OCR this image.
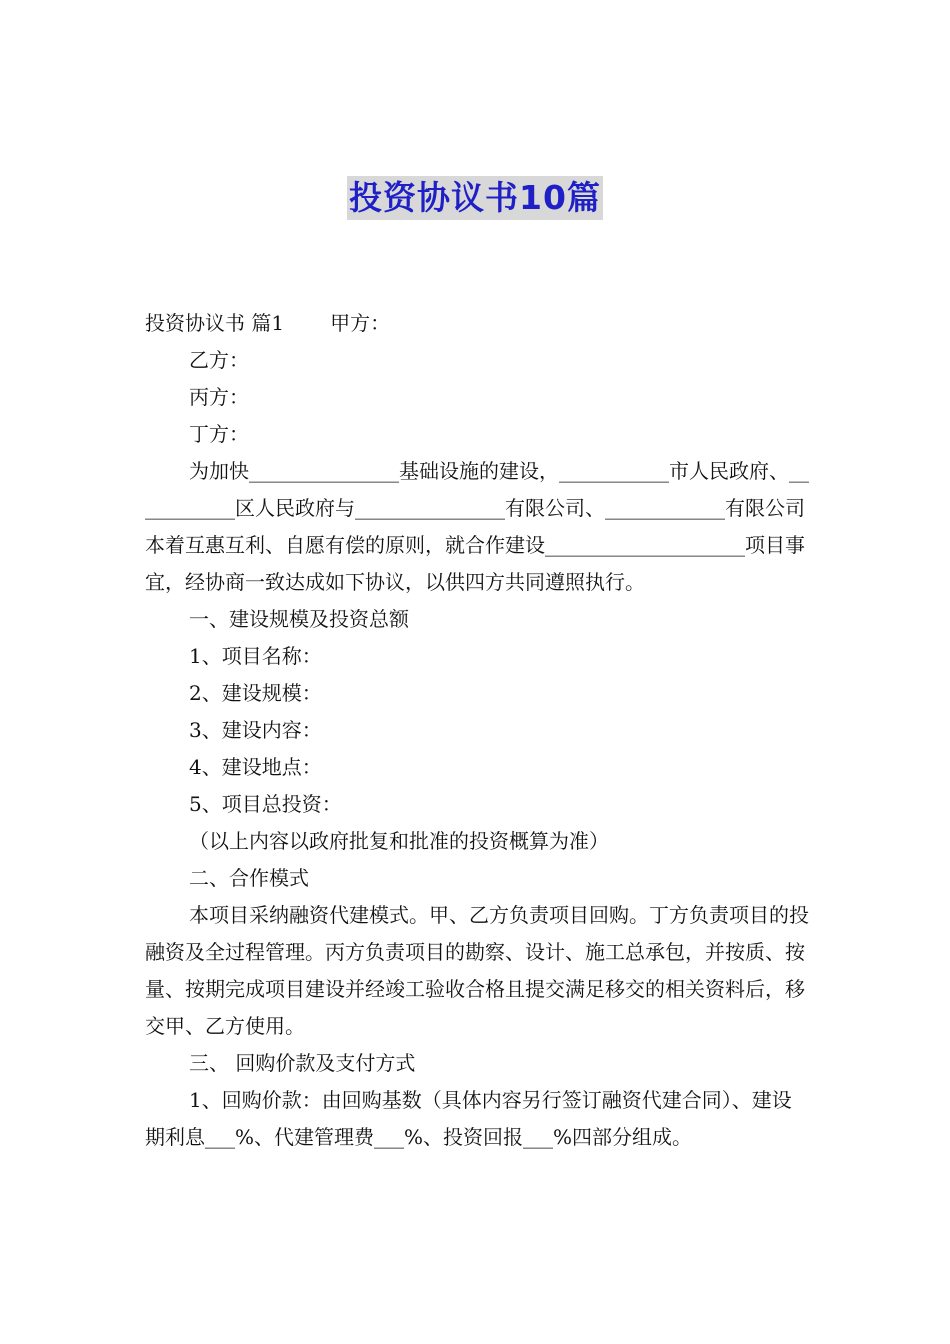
投资协议书10篇

投资协议书 篇1 甲方：

乙方：

丙方：

丁方：

为加快_______________基础设施的建设，___________市人民政府、___________区人民政府与_______________有限公司、____________有限公司本着互惠互利、自愿有偿的原则，就合作建设____________________项目事宜，经协商一致达成如下协议，以供四方共同遵照执行。

一、建设规模及投资总额

1、项目名称：

2、建设规模：

3、建设内容：

4、建设地点：

5、项目总投资：

（以上内容以政府批复和批准的投资概算为准）

二、合作模式

本项目采纳融资代建模式。甲、乙方负责项目回购。丁方负责项目的投融资及全过程管理。丙方负责项目的勘察、设计、施工总承包，并按质、按量、按期完成项目建设并经竣工验收合格且提交满足移交的相关资料后，移交甲、乙方使用。

三、 回购价款及支付方式

1、回购价款：由回购基数（具体内容另行签订融资代建合同）、建设期利息___%、代建管理费___%、投资回报___%四部分组成。
